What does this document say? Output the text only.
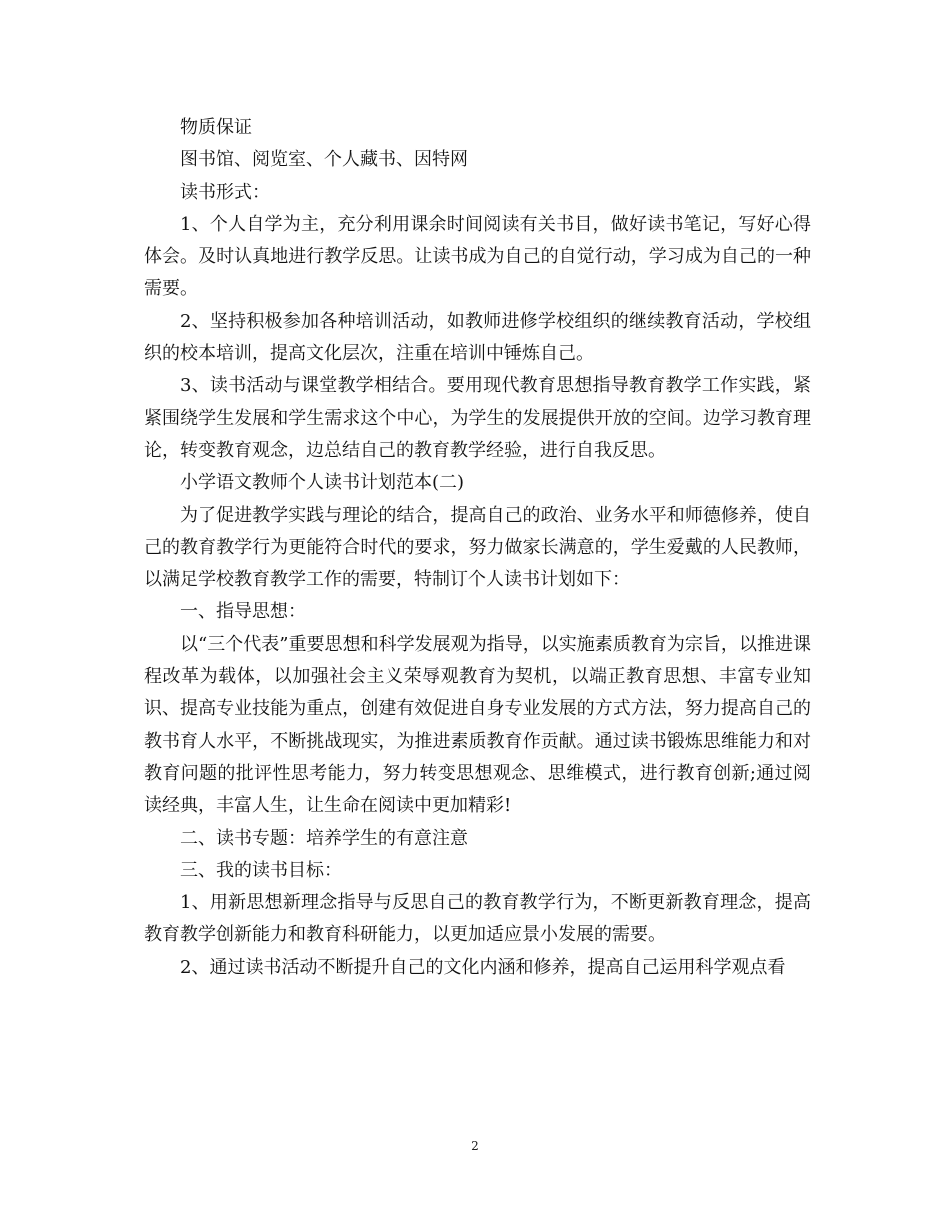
物质保证

图书馆、阅览室、个人藏书、因特网

读书形式：

1、个人自学为主，充分利用课余时间阅读有关书目，做好读书笔记，写好心得体会。及时认真地进行教学反思。让读书成为自己的自觉行动，学习成为自己的一种需要。

2、坚持积极参加各种培训活动，如教师进修学校组织的继续教育活动，学校组织的校本培训，提高文化层次，注重在培训中锤炼自己。

3、读书活动与课堂教学相结合。要用现代教育思想指导教育教学工作实践，紧紧围绕学生发展和学生需求这个中心，为学生的发展提供开放的空间。边学习教育理论，转变教育观念，边总结自己的教育教学经验，进行自我反思。

小学语文教师个人读书计划范本(二)

为了促进教学实践与理论的结合，提高自己的政治、业务水平和师德修养，使自己的教育教学行为更能符合时代的要求，努力做家长满意的，学生爱戴的人民教师，以满足学校教育教学工作的需要，特制订个人读书计划如下：

一、指导思想：

以“三个代表”重要思想和科学发展观为指导，以实施素质教育为宗旨，以推进课程改革为载体，以加强社会主义荣辱观教育为契机，以端正教育思想、丰富专业知识、提高专业技能为重点，创建有效促进自身专业发展的方式方法，努力提高自己的教书育人水平，不断挑战现实，为推进素质教育作贡献。通过读书锻炼思维能力和对教育问题的批评性思考能力，努力转变思想观念、思维模式，进行教育创新;通过阅读经典，丰富人生，让生命在阅读中更加精彩!

二、读书专题：培养学生的有意注意

三、我的读书目标：

1、用新思想新理念指导与反思自己的教育教学行为，不断更新教育理念，提高教育教学创新能力和教育科研能力，以更加适应景小发展的需要。

2、通过读书活动不断提升自己的文化内涵和修养，提高自己运用科学观点看

2
